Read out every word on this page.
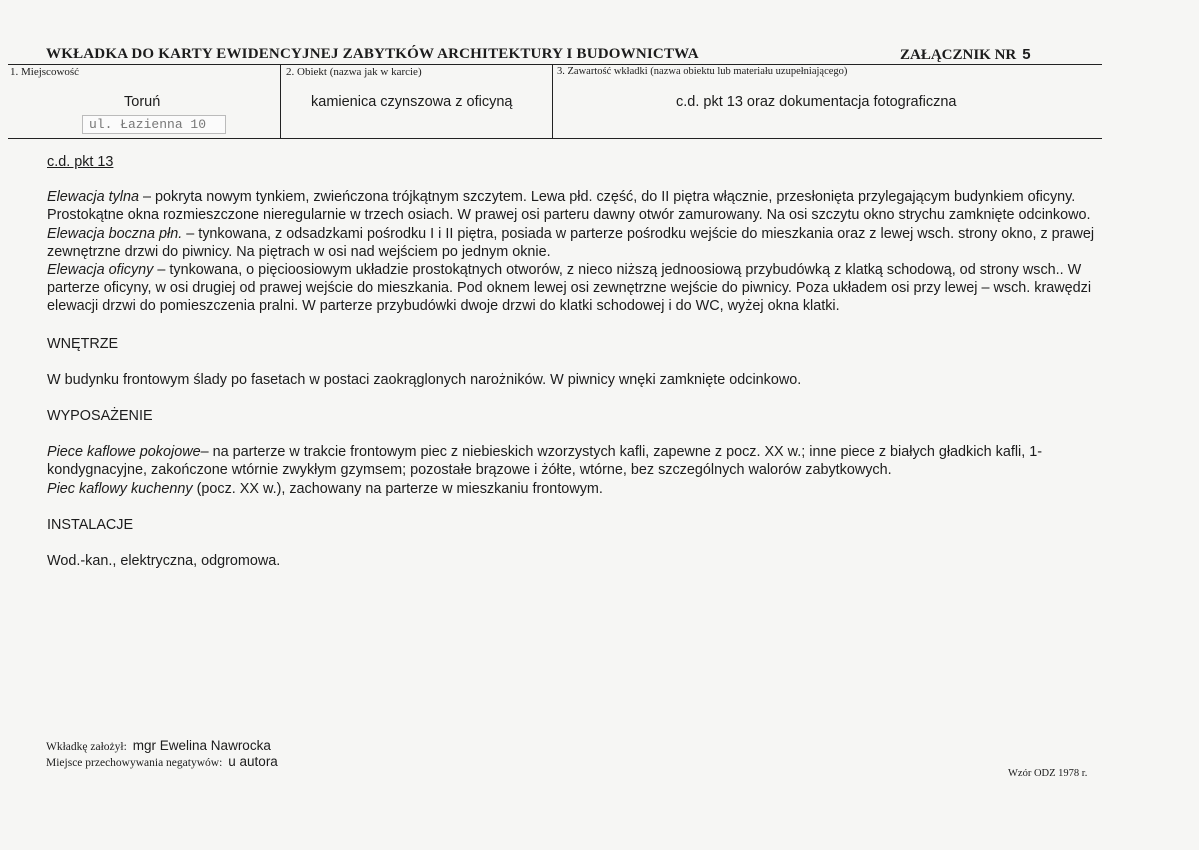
WKŁADKA DO KARTY EWIDENCYJNEJ ZABYTKÓW ARCHITEKTURY I BUDOWNICTWA	ZAŁĄCZNIK NR 5
1. Miejscowość
Toruń
ul. Łazienna 10
2. Obiekt (nazwa jak w karcie)
kamienica czynszowa z oficyną
3. Zawartość wkładki (nazwa obiektu lub materiału uzupełniającego)
c.d. pkt 13 oraz dokumentacja fotograficzna

c.d. pkt 13

Elewacja tylna – pokryta nowym tynkiem, zwieńczona trójkątnym szczytem. Lewa płd. część, do II piętra włącznie, przesłonięta przylegającym budynkiem oficyny. Prostokątne okna rozmieszczone nieregularnie w trzech osiach. W prawej osi parteru dawny otwór zamurowany. Na osi szczytu okno strychu zamknięte odcinkowo.

Elewacja boczna płn. – tynkowana, z odsadzkami pośrodku I i II piętra, posiada w parterze pośrodku wejście do mieszkania oraz z lewej wsch. strony okno, z prawej zewnętrzne drzwi do piwnicy. Na piętrach w osi nad wejściem po jednym oknie.

Elewacja oficyny – tynkowana, o pięcioosiowym układzie prostokątnych otworów, z nieco niższą jednoosiową przybudówką z klatką schodową, od strony wsch.. W parterze oficyny, w osi drugiej od prawej wejście do mieszkania. Pod oknem lewej osi zewnętrzne wejście do piwnicy. Poza układem osi przy lewej – wsch. krawędzi elewacji drzwi do pomieszczenia pralni. W parterze przybudówki dwoje drzwi do klatki schodowej i do WC, wyżej okna klatki.

WNĘTRZE

W budynku frontowym ślady po fasetach w postaci zaokrąglonych narożników. W piwnicy wnęki zamknięte odcinkowo.

WYPOSAŻENIE

Piece kaflowe pokojowe– na parterze w trakcie frontowym piec z niebieskich wzorzystych kafli, zapewne z pocz. XX w.; inne piece z białych gładkich kafli, 1-kondygnacyjne, zakończone wtórnie zwykłym gzymsem; pozostałe brązowe i żółte, wtórne, bez szczególnych walorów zabytkowych.

Piec kaflowy kuchenny (pocz. XX w.), zachowany na parterze w mieszkaniu frontowym.

INSTALACJE

Wod.-kan., elektryczna, odgromowa.

Wkładkę założył: mgr Ewelina Nawrocka
Miejsce przechowywania negatywów: u autora
Wzór ODZ 1978 r.
